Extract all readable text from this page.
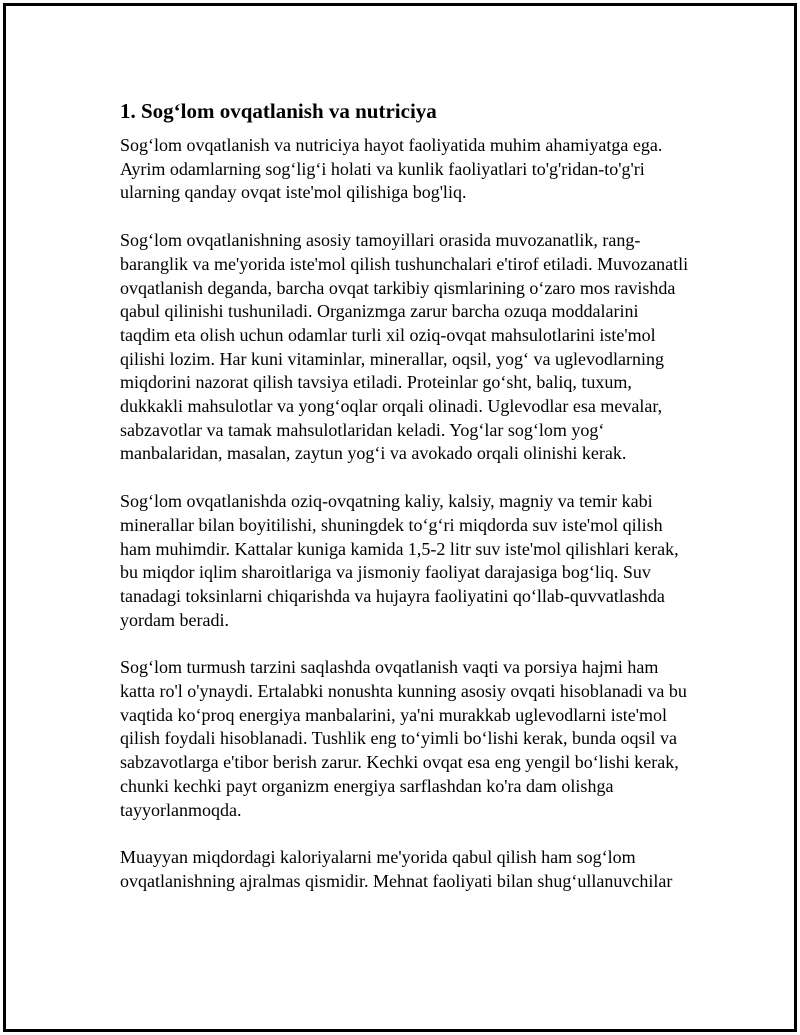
1. Sog‘lom ovqatlanish va nutriciya

Sog‘lom ovqatlanish va nutriciya hayot faoliyatida muhim ahamiyatga ega. Ayrim odamlarning sog‘lig‘i holati va kunlik faoliyatlari to'g'ridan-to'g'ri ularning qanday ovqat iste'mol qilishiga bog'liq.

Sog‘lom ovqatlanishning asosiy tamoyillari orasida muvozanatlik, rang-baranglik va me'yorida iste'mol qilish tushunchalari e'tirof etiladi. Muvozanatli ovqatlanish deganda, barcha ovqat tarkibiy qismlarining o‘zaro mos ravishda qabul qilinishi tushuniladi. Organizmga zarur barcha ozuqa moddalarini taqdim eta olish uchun odamlar turli xil oziq-ovqat mahsulotlarini iste'mol qilishi lozim. Har kuni vitaminlar, minerallar, oqsil, yog‘ va uglevodlarning miqdorini nazorat qilish tavsiya etiladi. Proteinlar go‘sht, baliq, tuxum, dukkakli mahsulotlar va yong‘oqlar orqali olinadi. Uglevodlar esa mevalar, sabzavotlar va tamak mahsulotlaridan keladi. Yog‘lar sog‘lom yog‘ manbalaridan, masalan, zaytun yog‘i va avokado orqali olinishi kerak.

Sog‘lom ovqatlanishda oziq-ovqatning kaliy, kalsiy, magniy va temir kabi minerallar bilan boyitilishi, shuningdek to‘g‘ri miqdorda suv iste'mol qilish ham muhimdir. Kattalar kuniga kamida 1,5-2 litr suv iste'mol qilishlari kerak, bu miqdor iqlim sharoitlariga va jismoniy faoliyat darajasiga bog‘liq. Suv tanadagi toksinlarni chiqarishda va hujayra faoliyatini qo‘llab-quvvatlashda yordam beradi.

Sog‘lom turmush tarzini saqlashda ovqatlanish vaqti va porsiya hajmi ham katta ro'l o'ynaydi. Ertalabki nonushta kunning asosiy ovqati hisoblanadi va bu vaqtida ko‘proq energiya manbalarini, ya'ni murakkab uglevodlarni iste'mol qilish foydali hisoblanadi. Tushlik eng to‘yimli bo‘lishi kerak, bunda oqsil va sabzavotlarga e'tibor berish zarur. Kechki ovqat esa eng yengil bo‘lishi kerak, chunki kechki payt organizm energiya sarflashdan ko'ra dam olishga tayyorlanmoqda.

Muayyan miqdordagi kaloriyalarni me'yorida qabul qilish ham sog‘lom ovqatlanishning ajralmas qismidir. Mehnat faoliyati bilan shug‘ullanuvchilar
